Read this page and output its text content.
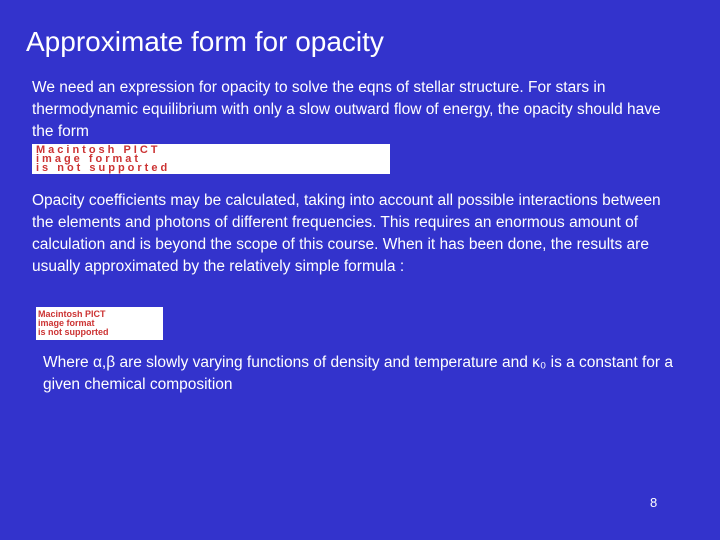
Approximate form for opacity
We need an expression for opacity to solve the eqns of stellar structure. For stars in thermodynamic equilibrium with only a slow outward flow of energy, the opacity should have the form
Macintosh PICT
image format
is not supported
Opacity coefficients may be calculated, taking into account all possible interactions between the elements and photons of different frequencies. This requires an enormous amount of calculation and is beyond the scope of this course. When it has been done, the results are usually approximated by the relatively simple formula :
Macintosh PICT
image format
is not supported
Where α,β are slowly varying functions of density and temperature and κ₀ is a constant for a given chemical composition
8
